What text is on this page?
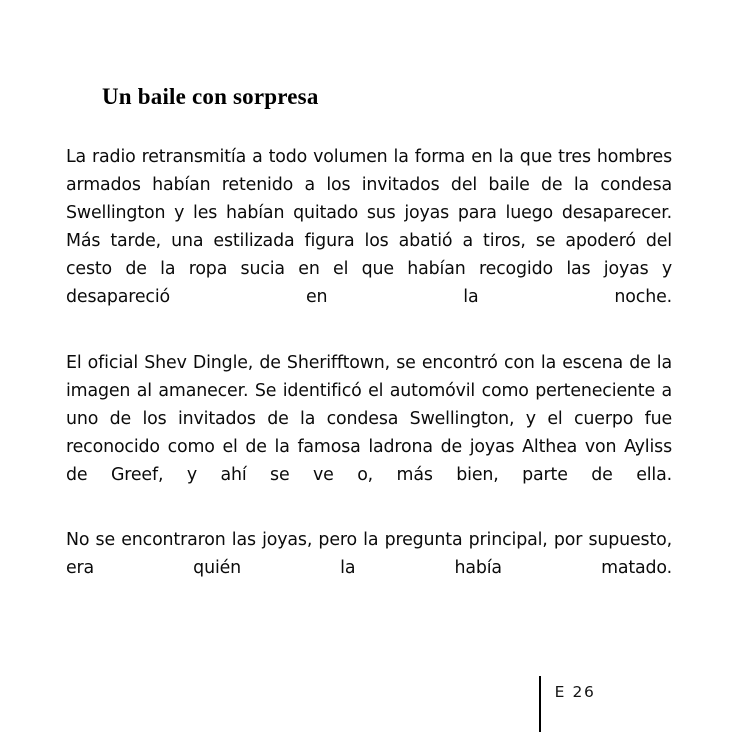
Un baile con sorpresa

La radio retransmitía a todo volumen la forma en la que tres hombres armados habían retenido a los invitados del baile de la condesa Swellington y les habían quitado sus joyas para luego desaparecer. Más tarde, una estilizada figura los abatió a tiros, se apoderó del cesto de la ropa sucia en el que habían recogido las joyas y desapareció en la noche.

El oficial Shev Dingle, de Sherifftown, se encontró con la escena de la imagen al amanecer. Se identificó el automóvil como perteneciente a uno de los invitados de la condesa Swellington, y el cuerpo fue reconocido como el de la famosa ladrona de joyas Althea von Ayliss de Greef, y ahí se ve o, más bien, parte de ella.

No se encontraron las joyas, pero la pregunta principal, por supuesto, era quién la había matado.

E 26
